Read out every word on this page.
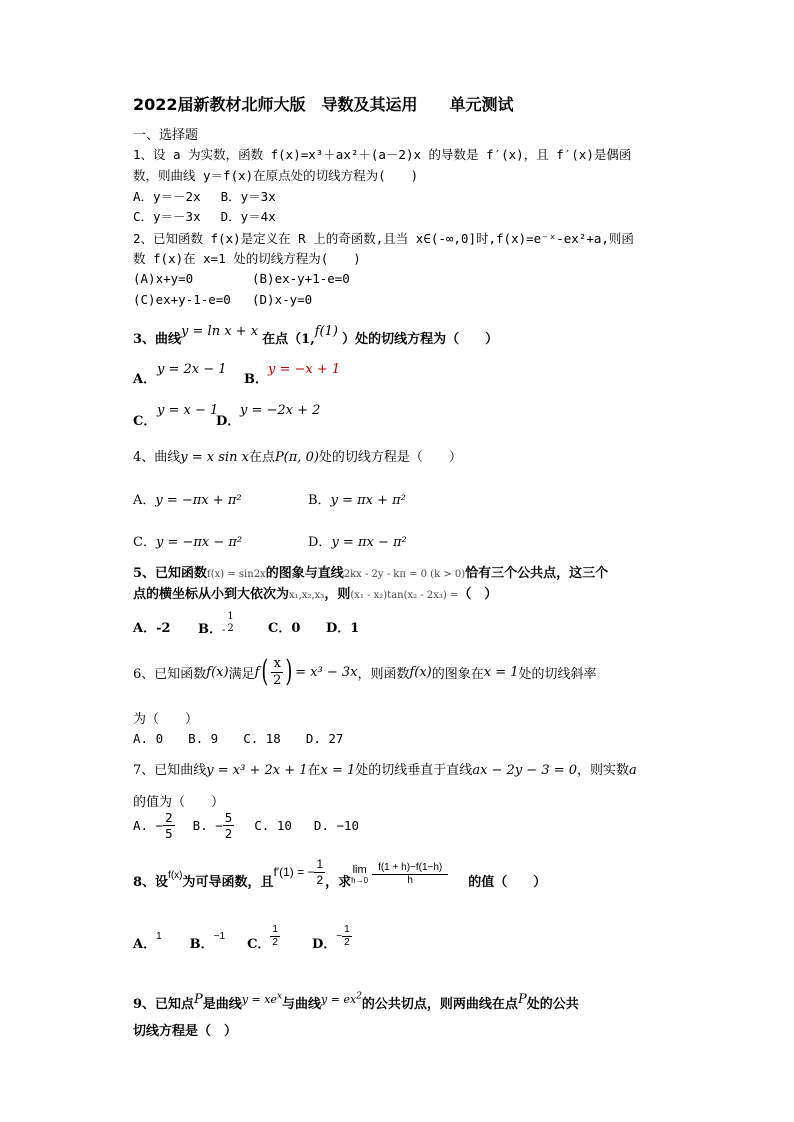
2022届新教材北师大版　导数及其运用　　单元测试
一、选择题
1、设 a 为实数，函数 f(x)=x³＋ax²＋(a－2)x 的导数是 f′(x)，且 f′(x)是偶函
数，则曲线 y＝f(x)在原点处的切线方程为(　　)
A．y＝－2x　 B．y＝3x
C．y＝－3x　 D．y＝4x
2、已知函数 f(x)是定义在 R 上的奇函数,且当 x∈(-∞,0]时,f(x)=e⁻ˣ-ex²+a,则函
数 f(x)在 x=1 处的切线方程为(　　)
(A)x+y=0	(B)ex-y+1-e=0
(C)ex+y-1-e=0 (D)x-y=0
3、曲线y = ln x + x 在点（1,f(1) ）处的切线方程为（　　）
A．
y = 2x − 1
B．
y = −x + 1
C．
y = x − 1
D．
y = −2x + 2
4、曲线y = x sin x在点P(π, 0)处的切线方程是（　　）
A．y = −πx + π²	B．y = πx + π²
C．y = −πx − π²	D．y = πx − π²
5、已知函数f(x) = sin2x的图象与直线2kx - 2y - kπ = 0 (k > 0)恰有三个公共点，这三个
点的横坐标从小到大依次为x₁,x₂,x₃，则(x₁ - x₂)tan(x₂ - 2x₃) =（　）
A．-2 B．$_-$
1
2	C．0 D．1
6、已知函数 f(x) 满足 f ( $\frac{x}{2}$ ) = x³ − 3x ，则函数 f(x) 的图象在 x = 1 处的切线斜率
为（　　）
A. 0　　B. 9　　C. 18　　D. 27
7、已知曲线y = x³ + 2x + 1在x = 1处的切线垂直于直线ax − 2y − 3 = 0，则实数a
的值为（　　）
A. − $\frac{2}{5} B$. − $\frac{5}{2} C$. 10 D. −10
8、设 f(x) 为可导函数，且
f′(1) = − $\frac{1}{2}$ ，求
lim
$h\to 0 \frac{f(1 + h)-f(1-h)}{h}$ 的值（　　）
A．
1
B．
−1
C． $\frac{1}{2}$ D．
− $\frac{1}{2}$
9、已知点P是曲线$^{y = xe^x}$与曲线$^{y = ex^2}$的公共切点，则两曲线在点P处的公共
切线方程是（　）
